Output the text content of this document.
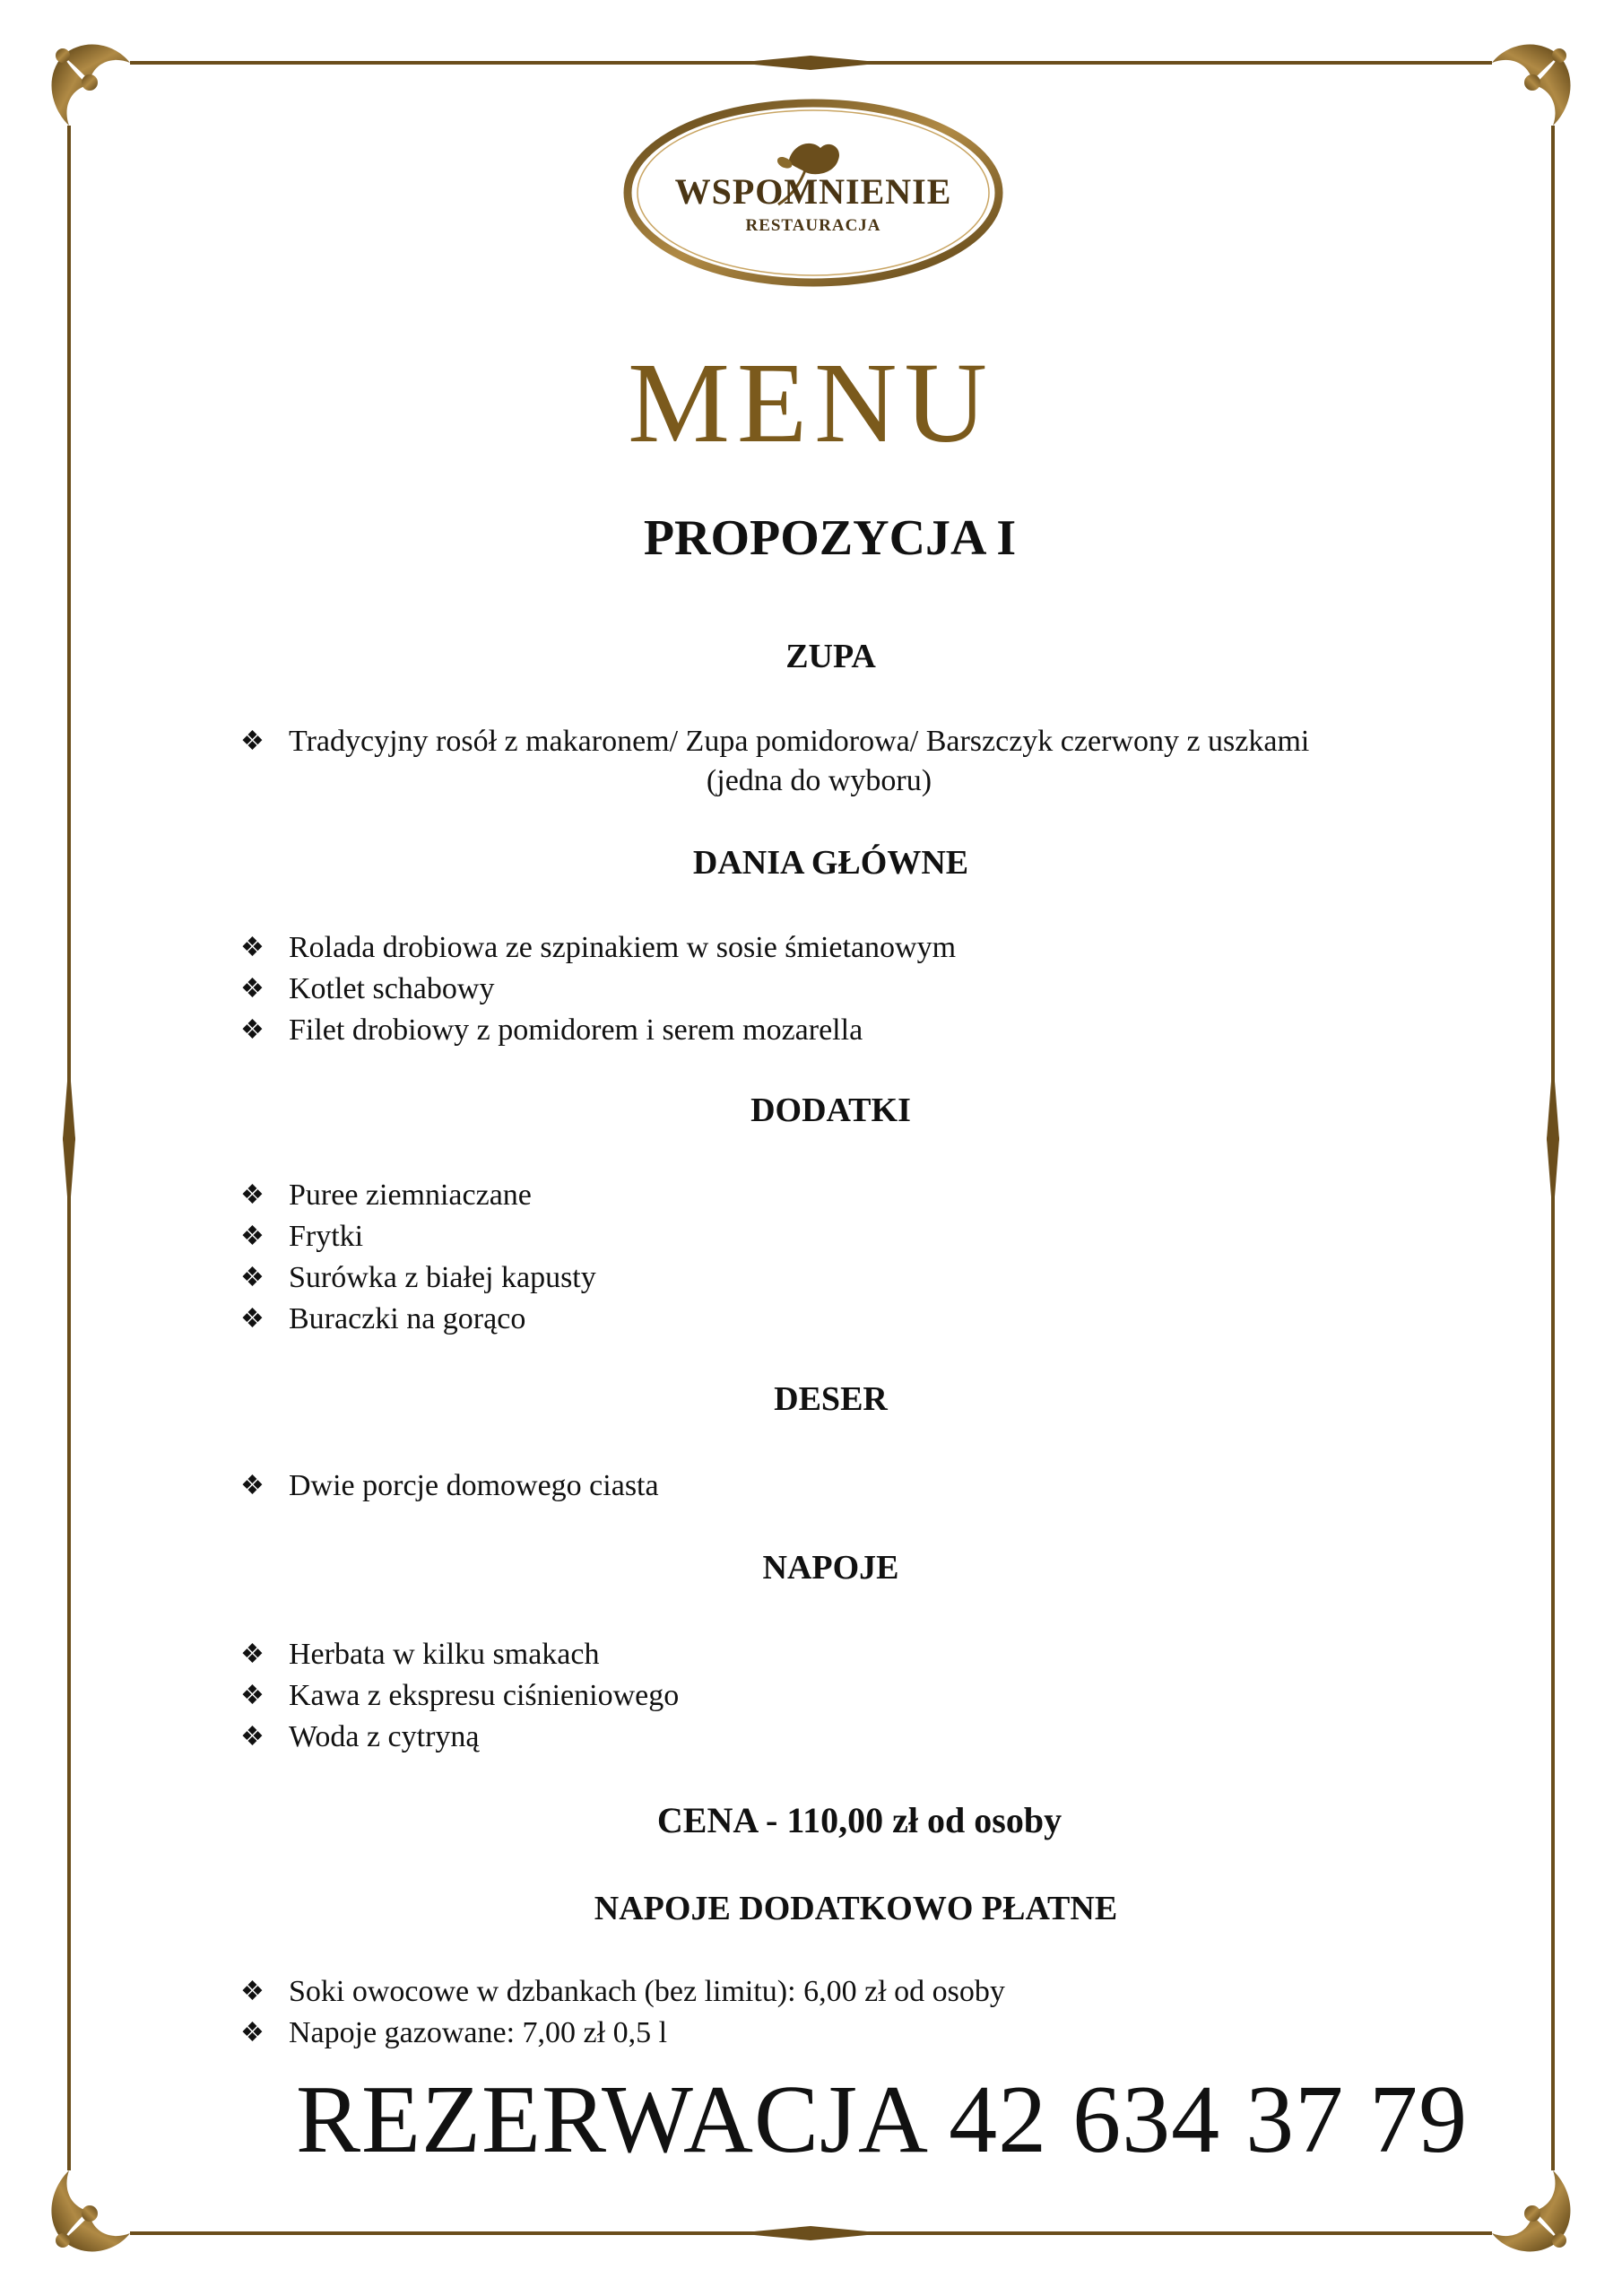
WSPOMNIENIE
RESTAURACJA
MENU
PROPOZYCJA I
ZUPA
❖ Tradycyjny rosół z makaronem/ Zupa pomidorowa/ Barszczyk czerwony z uszkami
(jedna do wyboru)
DANIA GŁÓWNE
❖ Rolada drobiowa ze szpinakiem w sosie śmietanowym
❖ Kotlet schabowy
❖ Filet drobiowy z pomidorem i serem mozarella
DODATKI
❖ Puree ziemniaczane
❖ Frytki
❖ Surówka z białej kapusty
❖ Buraczki na gorąco
DESER
❖ Dwie porcje domowego ciasta
NAPOJE
❖ Herbata w kilku smakach
❖ Kawa z ekspresu ciśnieniowego
❖ Woda z cytryną
CENA - 110,00 zł od osoby
NAPOJE DODATKOWO PŁATNE
❖ Soki owocowe w dzbankach (bez limitu): 6,00 zł od osoby
❖ Napoje gazowane: 7,00 zł 0,5 l
REZERWACJA 42 634 37 79
